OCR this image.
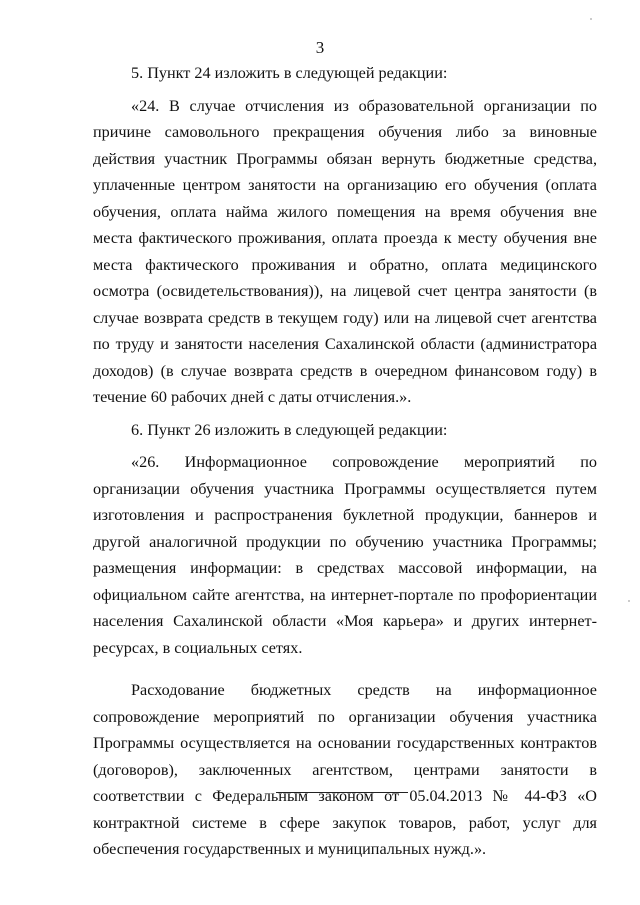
3

5. Пункт 24 изложить в следующей редакции:

«24. В случае отчисления из образовательной организации по причине самовольного прекращения обучения либо за виновные действия участник Программы обязан вернуть бюджетные средства, уплаченные центром занятости на организацию его обучения (оплата обучения, оплата найма жилого помещения на время обучения вне места фактического проживания, оплата проезда к месту обучения вне места фактического проживания и обратно, оплата медицинского осмотра (освидетельствования)), на лицевой счет центра занятости (в случае возврата средств в текущем году) или на лицевой счет агентства по труду и занятости населения Сахалинской области (администратора доходов) (в случае возврата средств в очередном финансовом году) в течение 60 рабочих дней с даты отчисления.».

6. Пункт 26 изложить в следующей редакции:

«26. Информационное сопровождение мероприятий по организации обучения участника Программы осуществляется путем изготовления и распространения буклетной продукции, баннеров и другой аналогичной продукции по обучению участника Программы; размещения информации: в средствах массовой информации, на официальном сайте агентства, на интернет-портале по профориентации населения Сахалинской области «Моя карьера» и других интернет-ресурсах, в социальных сетях.

Расходование бюджетных средств на информационное сопровождение мероприятий по организации обучения участника Программы осуществляется на основании государственных контрактов (договоров), заключенных агентством, центрами занятости в соответствии с Федеральным законом от 05.04.2013 № 44-ФЗ «О контрактной системе в сфере закупок товаров, работ, услуг для обеспечения государственных и муниципальных нужд.».
